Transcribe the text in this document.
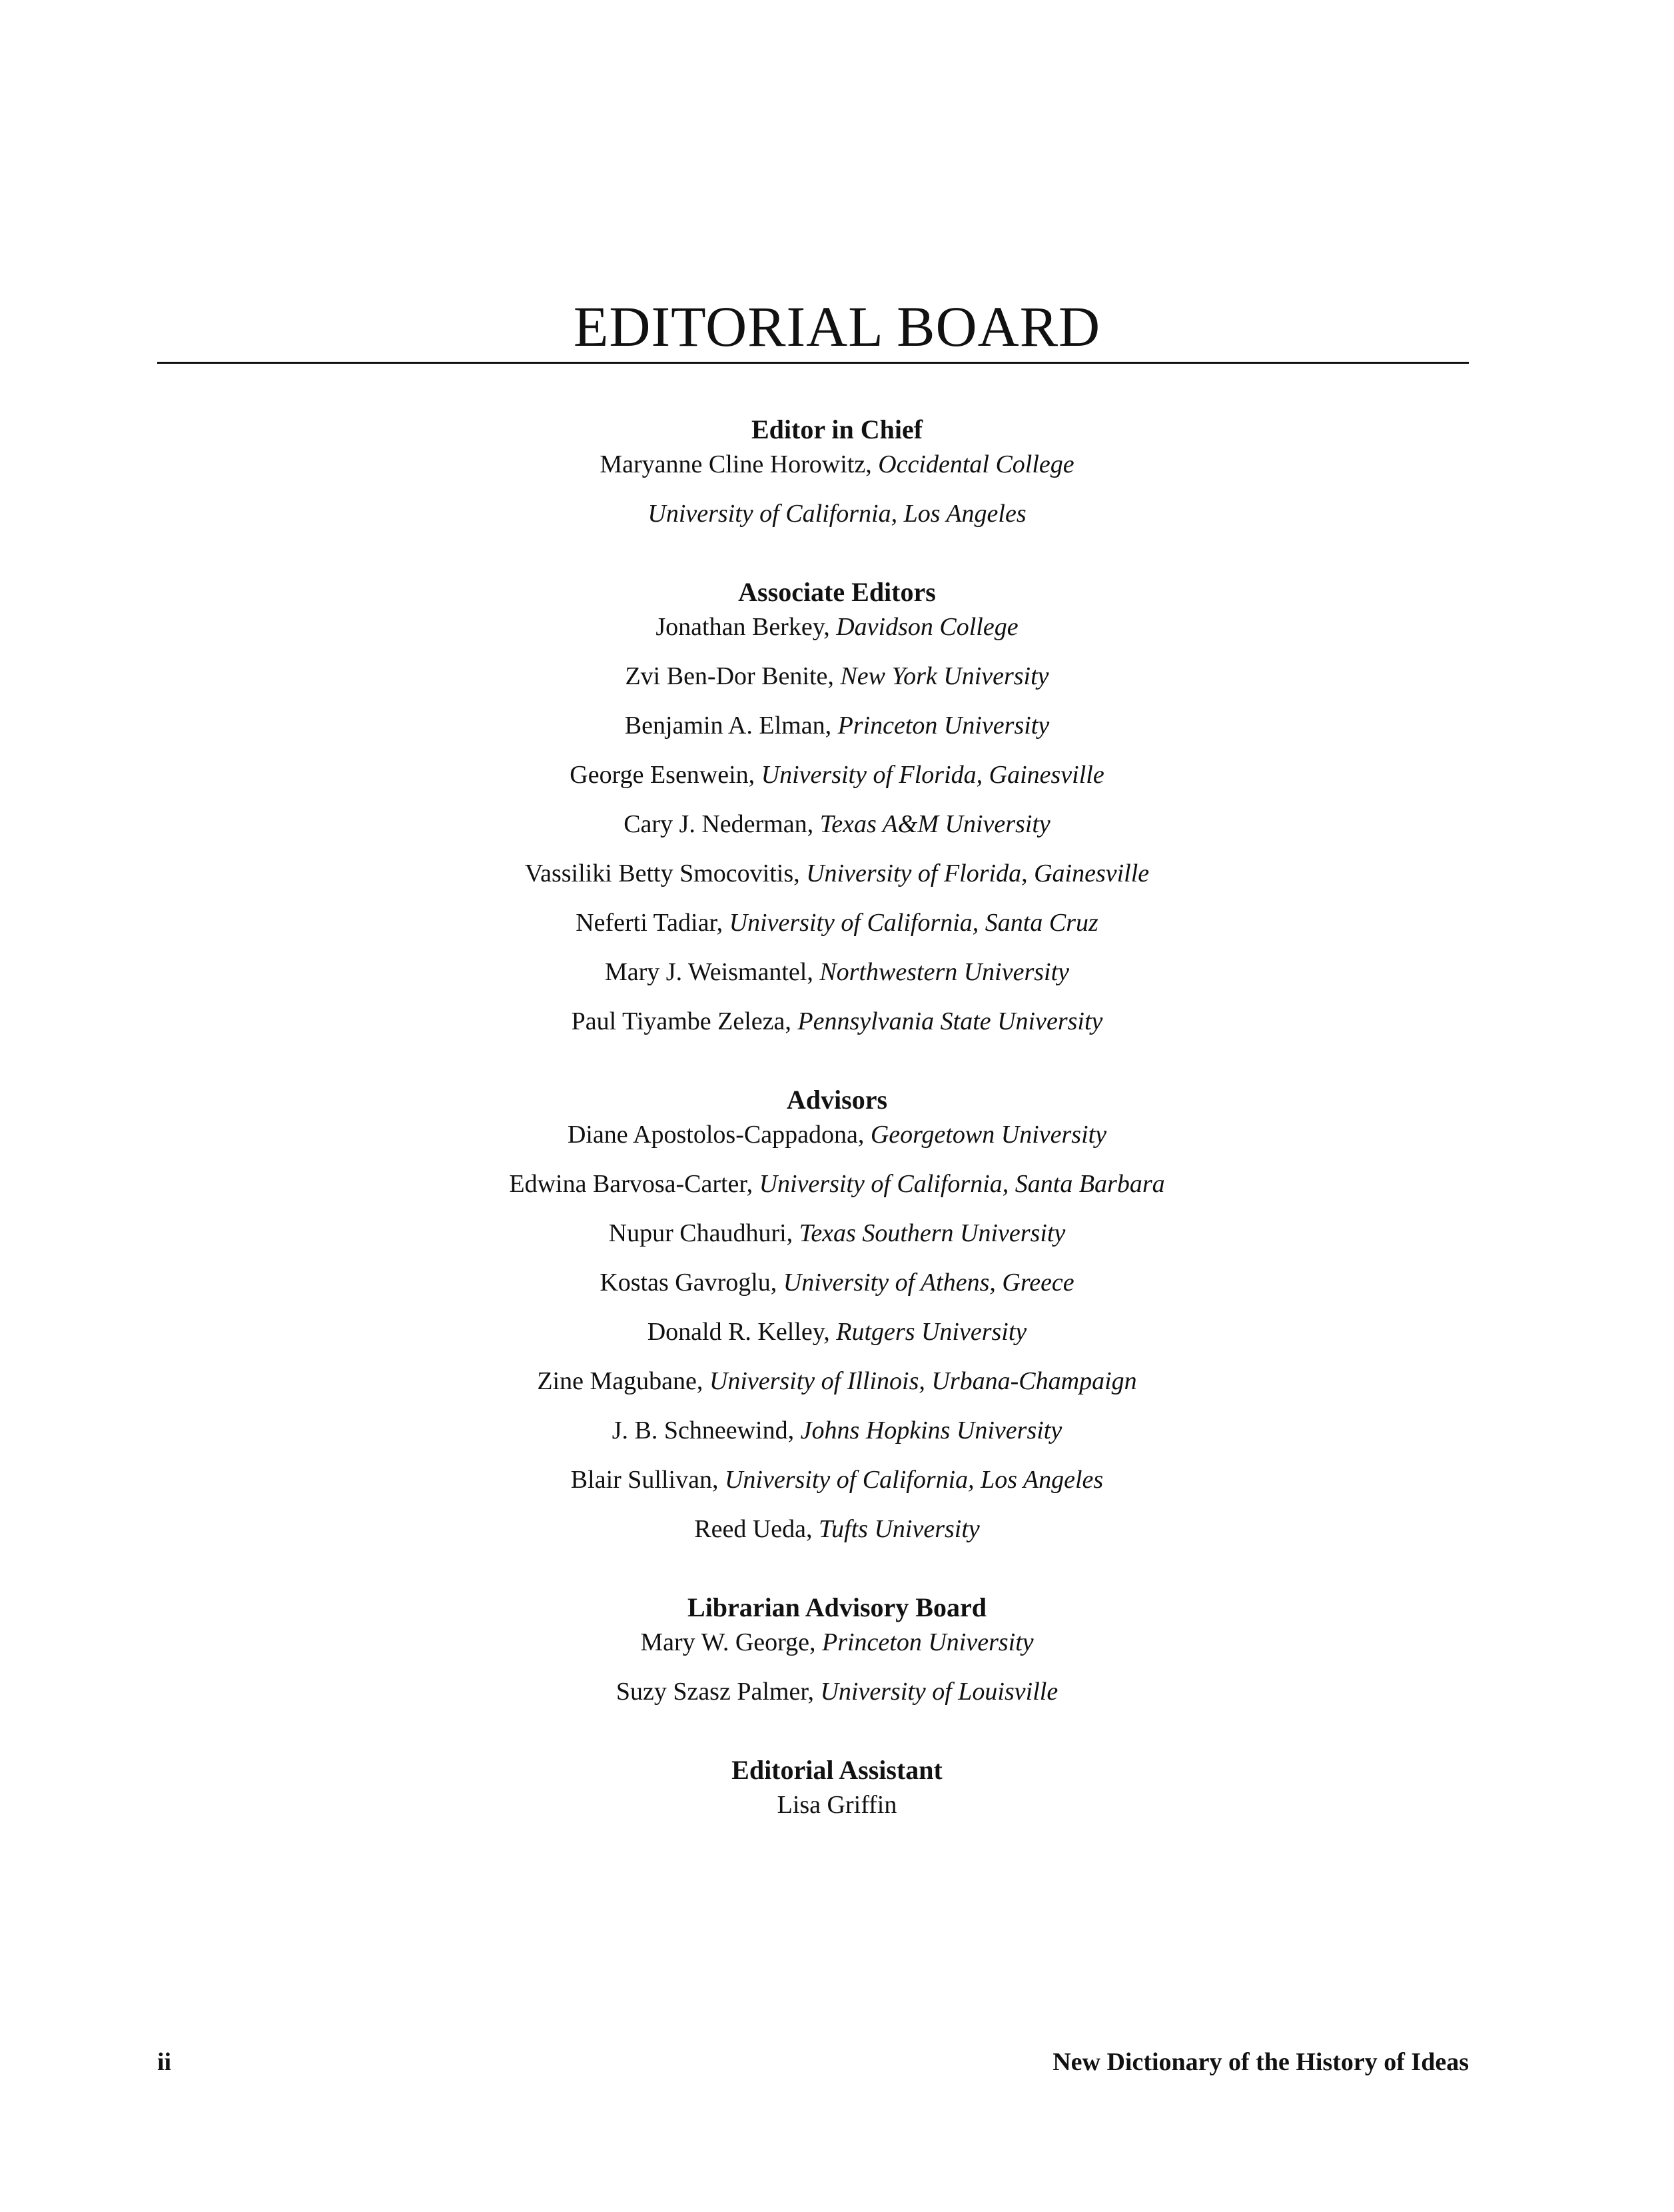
EDITORIAL BOARD
Editor in Chief
Maryanne Cline Horowitz, Occidental College
University of California, Los Angeles
Associate Editors
Jonathan Berkey, Davidson College
Zvi Ben-Dor Benite, New York University
Benjamin A. Elman, Princeton University
George Esenwein, University of Florida, Gainesville
Cary J. Nederman, Texas A&M University
Vassiliki Betty Smocovitis, University of Florida, Gainesville
Neferti Tadiar, University of California, Santa Cruz
Mary J. Weismantel, Northwestern University
Paul Tiyambe Zeleza, Pennsylvania State University
Advisors
Diane Apostolos-Cappadona, Georgetown University
Edwina Barvosa-Carter, University of California, Santa Barbara
Nupur Chaudhuri, Texas Southern University
Kostas Gavroglu, University of Athens, Greece
Donald R. Kelley, Rutgers University
Zine Magubane, University of Illinois, Urbana-Champaign
J. B. Schneewind, Johns Hopkins University
Blair Sullivan, University of California, Los Angeles
Reed Ueda, Tufts University
Librarian Advisory Board
Mary W. George, Princeton University
Suzy Szasz Palmer, University of Louisville
Editorial Assistant
Lisa Griffin
ii	New Dictionary of the History of Ideas
